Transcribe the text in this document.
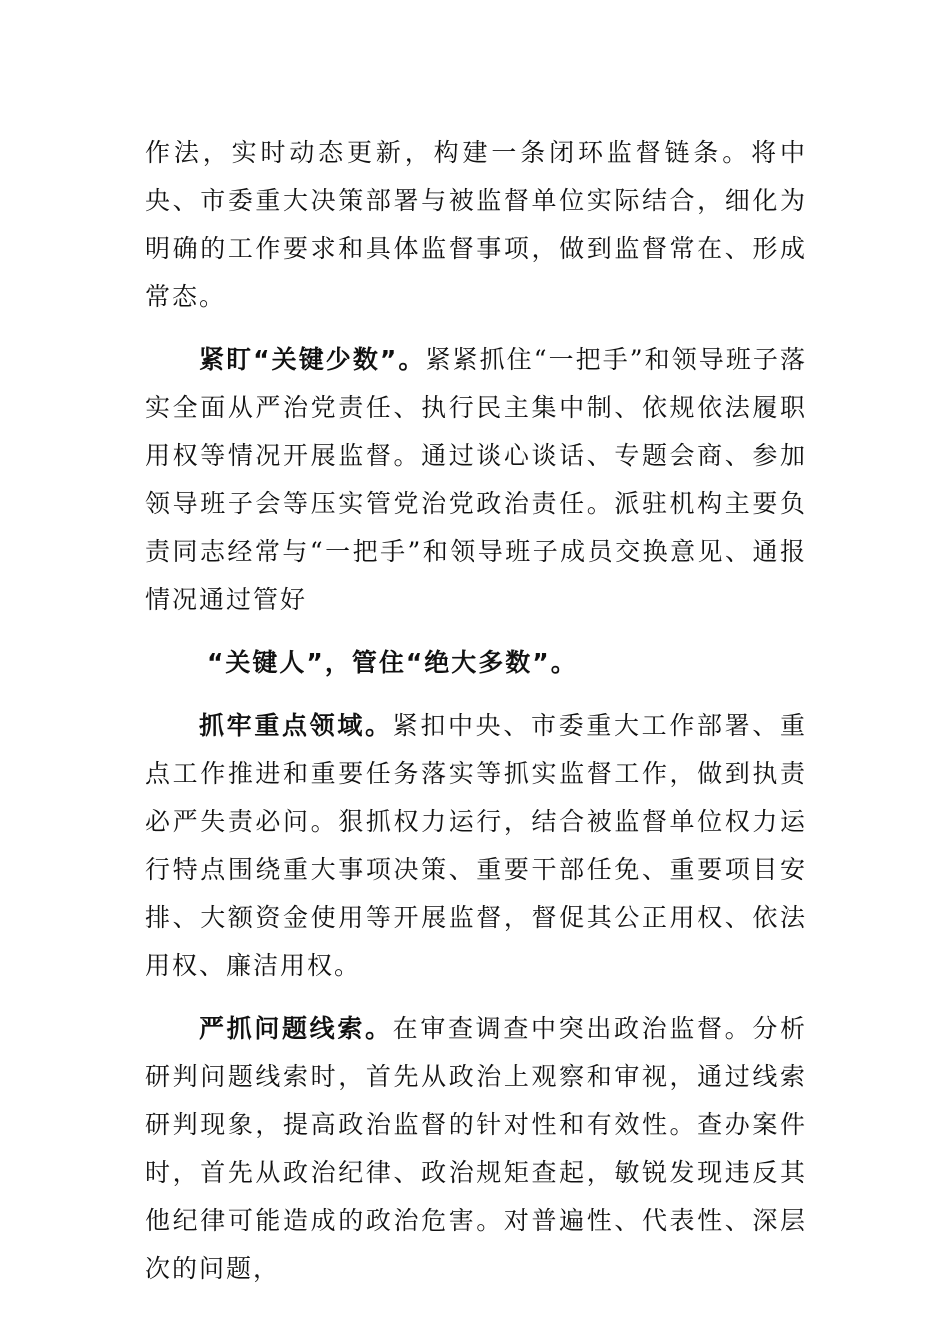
作法，实时动态更新，构建一条闭环监督链条。将中央、市委重大决策部署与被监督单位实际结合，细化为明确的工作要求和具体监督事项，做到监督常在、形成常态。

紧盯“关键少数”。紧紧抓住“一把手”和领导班子落实全面从严治党责任、执行民主集中制、依规依法履职用权等情况开展监督。通过谈心谈话、专题会商、参加领导班子会等压实管党治党政治责任。派驻机构主要负责同志经常与“一把手”和领导班子成员交换意见、通报情况通过管好

“关键人”，管住“绝大多数”。

抓牢重点领域。紧扣中央、市委重大工作部署、重点工作推进和重要任务落实等抓实监督工作，做到执责必严失责必问。狠抓权力运行，结合被监督单位权力运行特点围绕重大事项决策、重要干部任免、重要项目安排、大额资金使用等开展监督，督促其公正用权、依法用权、廉洁用权。

严抓问题线索。在审查调查中突出政治监督。分析研判问题线索时，首先从政治上观察和审视，通过线索研判现象，提高政治监督的针对性和有效性。查办案件时，首先从政治纪律、政治规矩查起，敏锐发现违反其他纪律可能造成的政治危害。对普遍性、代表性、深层次的问题，
